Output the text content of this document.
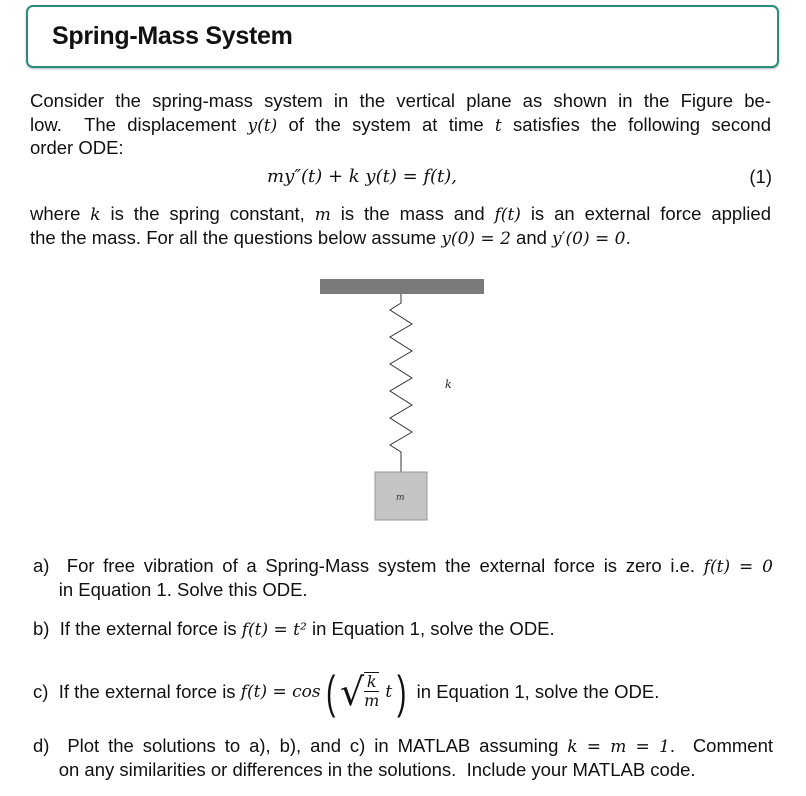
Spring-Mass System
Consider the spring-mass system in the vertical plane as shown in the Figure be-
low.  The displacement y(t) of the system at time t satisfies the following second
order ODE:
where k is the spring constant, m is the mass and f(t) is an external force applied
the the mass. For all the questions below assume y(0) = 2 and y′(0) = 0.
a)  For free vibration of a Spring-Mass system the external force is zero i.e. f(t) = 0
in Equation 1. Solve this ODE.
b)  If the external force is f(t) = t² in Equation 1, solve the ODE.
d)  Plot the solutions to a), b), and c) in MATLAB assuming k = m = 1.  Comment
on any similarities or differences in the solutions.  Include your MATLAB code.
my″(t) + k y(t) = f(t),	(1)
k
m
c)  If the external force is f(t) = cos ( √ $\frac{k}{m}$ t ) in Equation 1, solve the ODE.
